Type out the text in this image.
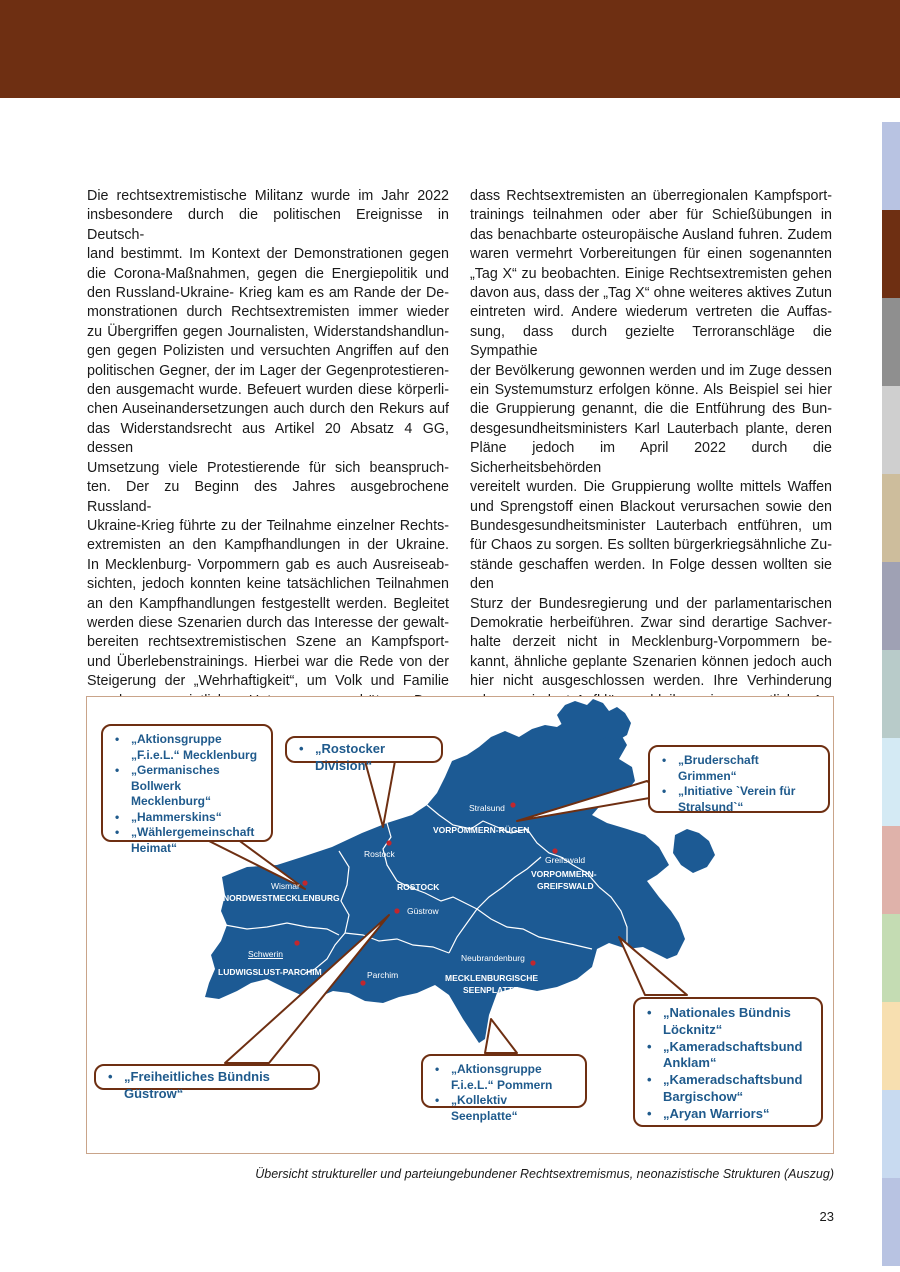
Die rechtsextremistische Militanz wurde im Jahr 2022
insbesondere durch die politischen Ereignisse in Deutsch-
land bestimmt. Im Kontext der Demonstrationen gegen
die Corona-Maßnahmen, gegen die Energiepolitik und
den Russland-Ukraine- Krieg kam es am Rande der De-
monstrationen durch Rechtsextremisten immer wieder
zu Übergriffen gegen Journalisten, Widerstandshandlun-
gen gegen Polizisten und versuchten Angriffen auf den
politischen Gegner, der im Lager der Gegenprotestieren-
den ausgemacht wurde. Befeuert wurden diese körperli-
chen Auseinandersetzungen auch durch den Rekurs auf
das Widerstandsrecht aus Artikel 20 Absatz 4 GG, dessen
Umsetzung viele Protestierende für sich beanspruch-
ten. Der zu Beginn des Jahres ausgebrochene Russland-
Ukraine-Krieg führte zu der Teilnahme einzelner Rechts-
extremisten an den Kampfhandlungen in der Ukraine.
In Mecklenburg- Vorpommern gab es auch Ausreiseab-
sichten, jedoch konnten keine tatsächlichen Teilnahmen
an den Kampfhandlungen festgestellt werden. Begleitet
werden diese Szenarien durch das Interesse der gewalt-
bereiten rechtsextremistischen Szene an Kampfsport-
und Überlebenstrainings. Hierbei war die Rede von der
Steigerung der „Wehrhaftigkeit“, um Volk und Familie
dass Rechtsextremisten an überregionalen Kampfsport-
trainings teilnahmen oder aber für Schießübungen in
das benachbarte osteuropäische Ausland fuhren. Zudem
waren vermehrt Vorbereitungen für einen sogenannten
„Tag X“ zu beobachten. Einige Rechtsextremisten gehen
davon aus, dass der „Tag X“ ohne weiteres aktives Zutun
eintreten wird. Andere wiederum vertreten die Auffas-
sung, dass durch gezielte Terroranschläge die Sympathie
der Bevölkerung gewonnen werden und im Zuge dessen
ein Systemumsturz erfolgen könne. Als Beispiel sei hier
die Gruppierung genannt, die die Entführung des Bun-
desgesundheitsministers Karl Lauterbach plante, deren
Pläne jedoch im April 2022 durch die Sicherheitsbehörden
vereitelt wurden. Die Gruppierung wollte mittels Waffen
und Sprengstoff einen Blackout verursachen sowie den
Bundesgesundheitsminister Lauterbach entführen, um
für Chaos zu sorgen. Es sollten bürgerkriegsähnliche Zu-
stände geschaffen werden. In Folge dessen wollten sie den
Sturz der Bundesregierung und der parlamentarischen
Demokratie herbeiführen. Zwar sind derartige Sachver-
halte derzeit nicht in Mecklenburg-Vorpommern be-
kannt, ähnliche geplante Szenarien können jedoch auch
hier nicht ausgeschlossen werden. Ihre Verhinderung
Stralsund
VORPOMMERN-RÜGEN
Rostock
Greifswald
VORPOMMERN-
GREIFSWALD
Wismar
NORDWESTMECKLENBURG
ROSTOCK
Güstrow
Schwerin
LUDWIGSLUST-PARCHIM	Parchim
Neubrandenburg
MECKLENBURGISCHE
SEENPLATTE
• „Aktionsgruppe „F.i.e.L.“ Mecklenburg
• „Germanisches Bollwerk Mecklenburg“
• „Hammerskins“
• „Wählergemeinschaft Heimat“
• „Rostocker Division“
•	„Bruderschaft Grimmen“
• „Initiative `Verein für Stralsund`“
• „Freiheitliches Bündnis Güstrow“
• „Aktionsgruppe F.i.e.L.“ Pommern
• „Kollektiv Seenplatte“
• „Nationales Bündnis Löcknitz“
• „Kameradschaftsbund Anklam“
• „Kameradschaftsbund Bargischow“
• „Aryan Warriors“
Übersicht struktureller und parteiungebundener Rechtsextremismus, neonazistische Strukturen (Auszug)
23
